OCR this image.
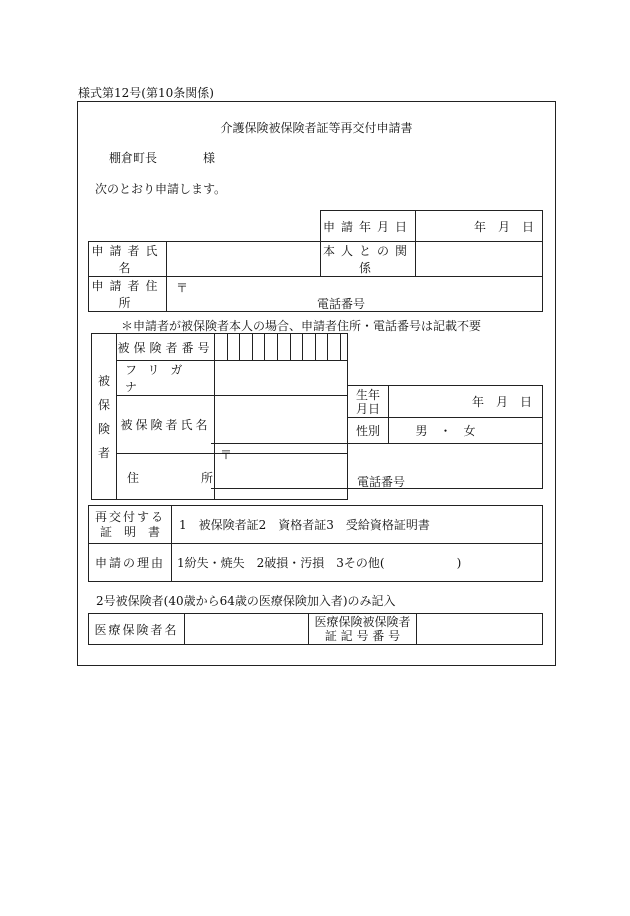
様式第12号(第10条関係)
介護保険被保険者証等再交付申請書
棚倉町長	様
次のとおり申請します。
＊申請者が被保険者本人の場合、申請者住所・電話番号は記載不要
2号被保険者(40歳から64歳の医療保険加入者)のみ記入
申請年月日	年　月　日
申請者氏名		本人との関係	
申請者住所	〒
電話番号		
被保険者	被保険者番号	

	フリガナ	
	被保険者氏名	

	住 所	

生年月日	年　月　日
性別	男　・　女
〒
電話番号
再交付する
証　明　書	1　被保険者証2　資格者証3　受給資格証明書
申請の理由	1紛失・焼失　2破損・汚損　3その他(　　　　　　)
医療保険者名		医療保険被保険者
証 記 号 番 号	
